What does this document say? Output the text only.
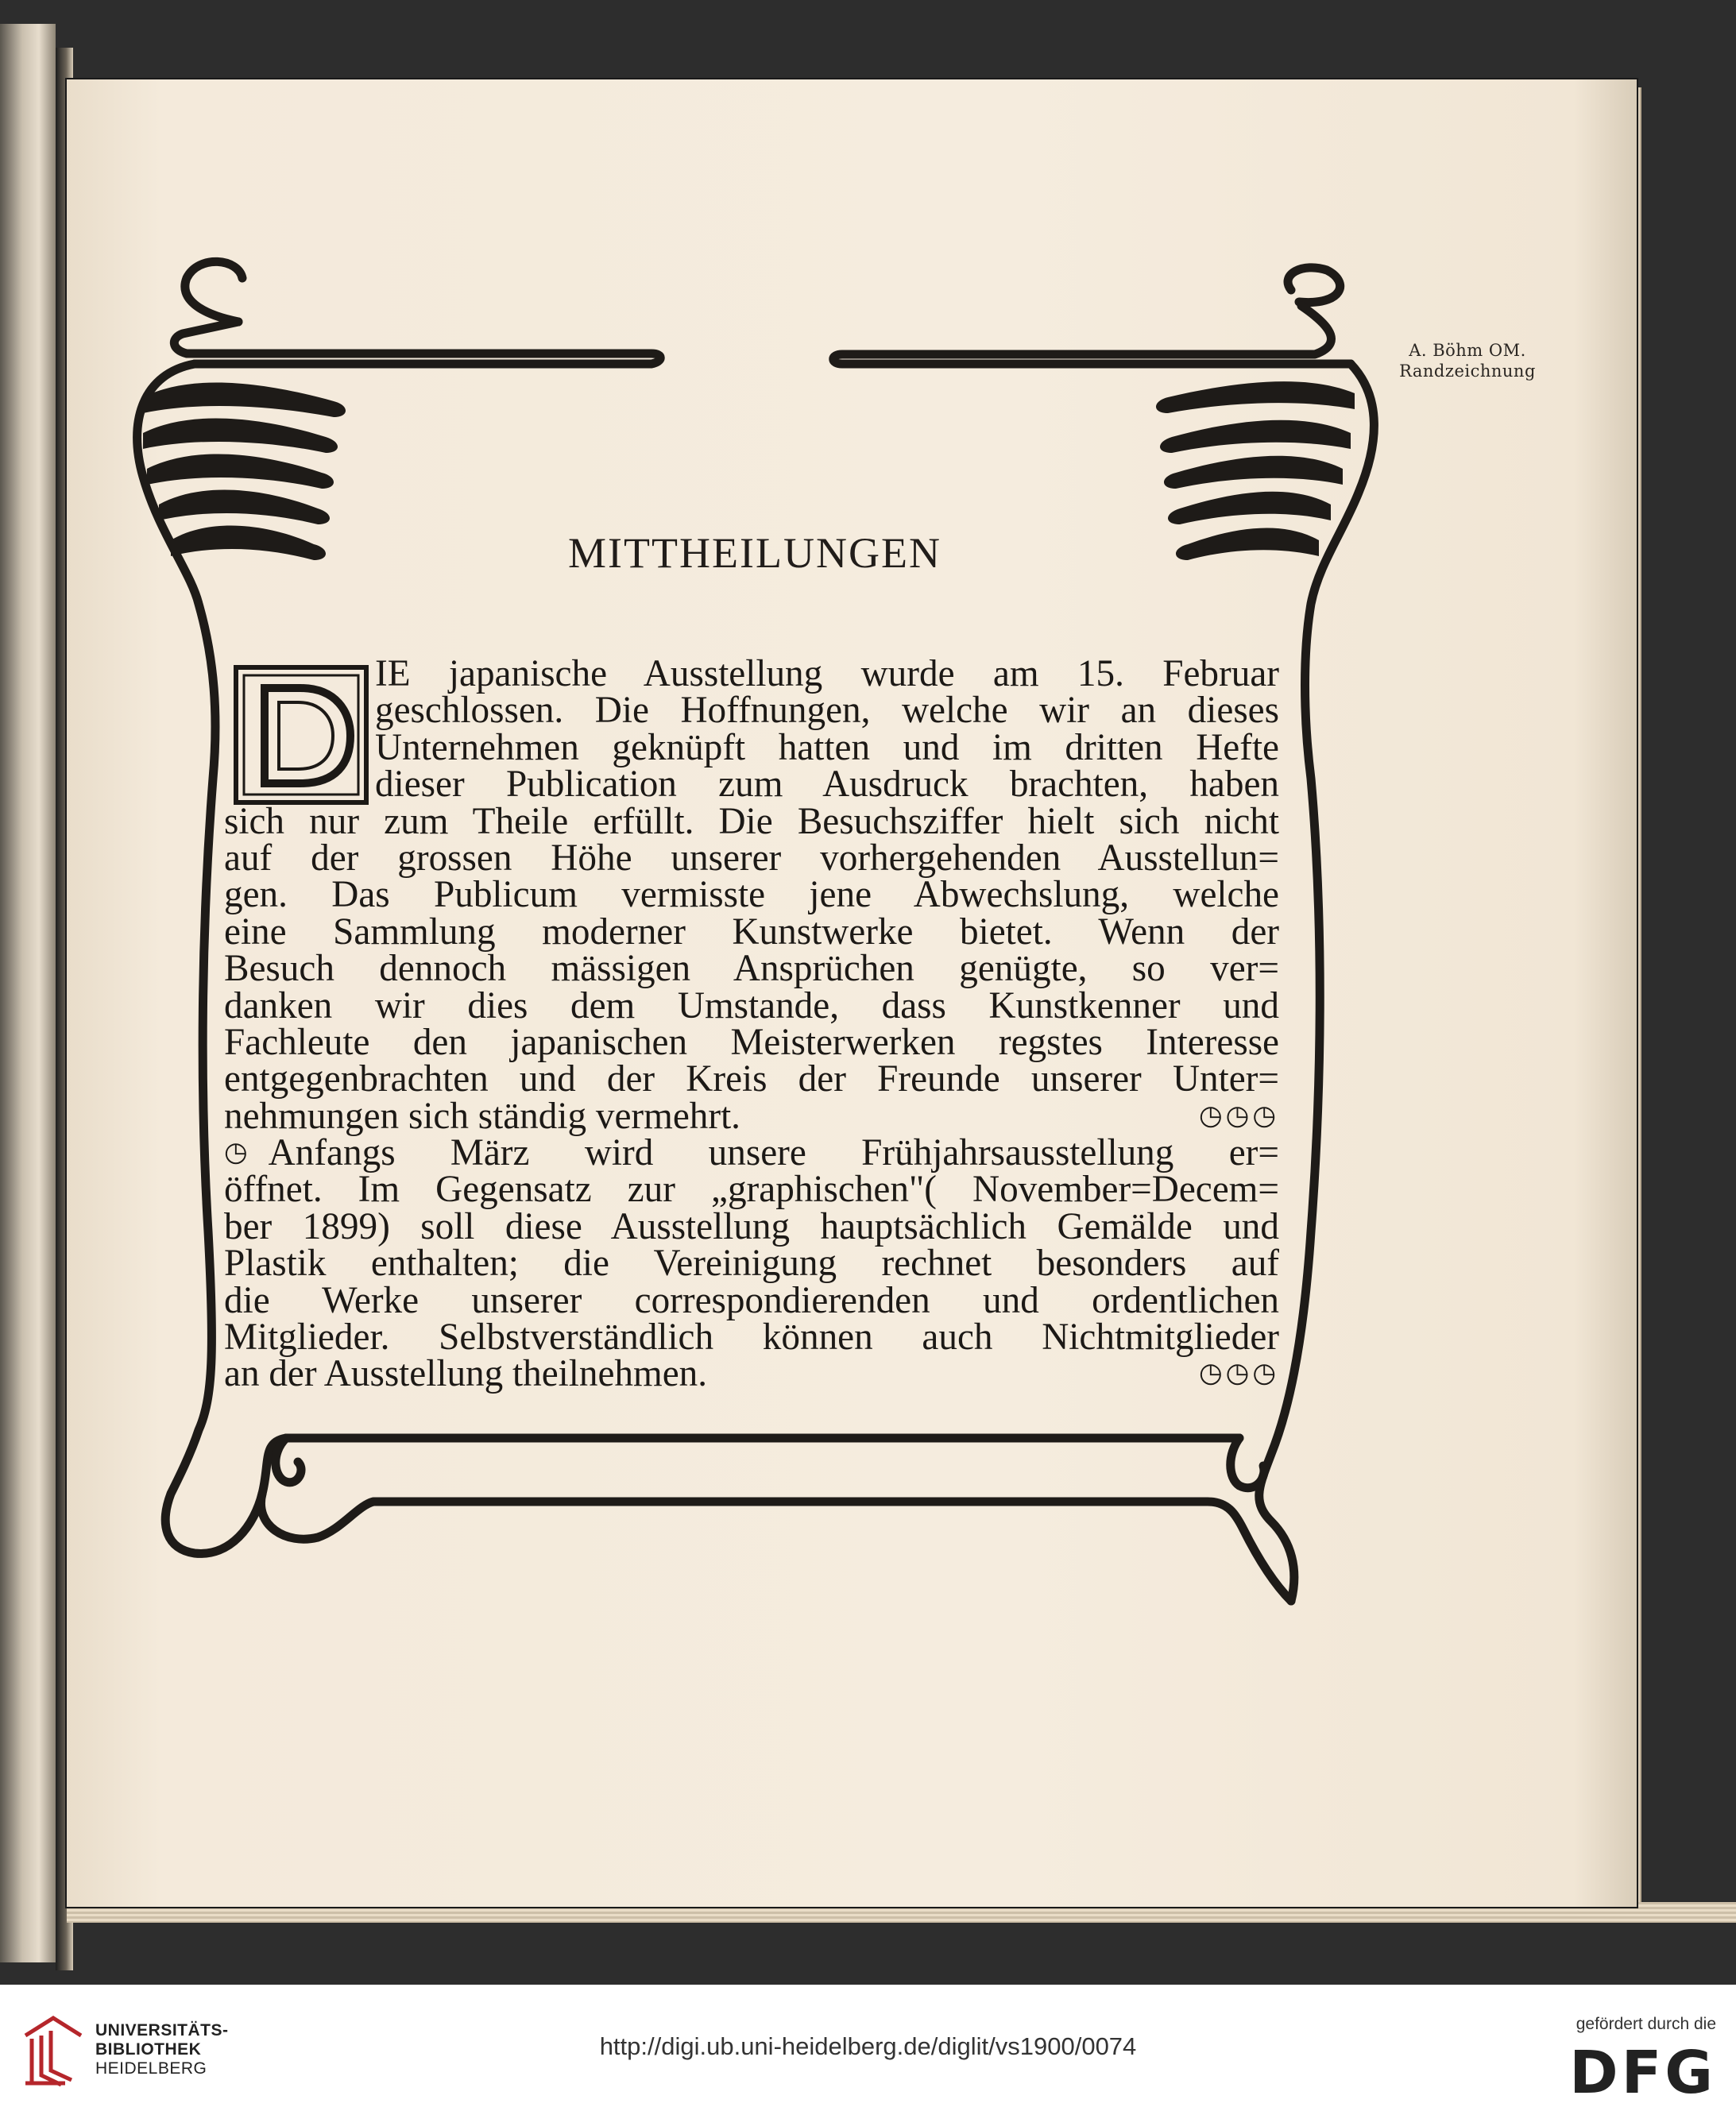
D
A. Böhm OM.
Randzeichnung
MITTHEILUNGEN
IE japanische Ausstellung wurde am 15. Februar
geschlossen. Die Hoffnungen, welche wir an dieses
Unternehmen geknüpft hatten und im dritten Hefte
dieser Publication zum Ausdruck brachten, haben
sich nur zum Theile erfüllt. Die Besuchsziffer hielt sich nicht
auf der grossen Höhe unserer vorhergehenden Ausstellun=
gen. Das Publicum vermisste jene Abwechslung, welche
eine Sammlung moderner Kunstwerke bietet. Wenn der
Besuch dennoch mässigen Ansprüchen genügte, so ver=
danken wir dies dem Umstande, dass Kunstkenner und
Fachleute den japanischen Meisterwerken regstes Interesse
entgegenbrachten und der Kreis der Freunde unserer Unter=
nehmungen sich ständig vermehrt.	◷◷◷
◷ Anfangs März wird unsere Frühjahrsausstellung er=
öffnet. Im Gegensatz zur „graphischen"( November=Decem=
ber 1899) soll diese Ausstellung hauptsächlich Gemälde und
Plastik enthalten; die Vereinigung rechnet besonders auf
die Werke unserer correspondierenden und ordentlichen
Mitglieder. Selbstverständlich können auch Nichtmitglieder
an der Ausstellung theilnehmen.	◷◷◷
UNIVERSITÄTS-
BIBLIOTHEK
HEIDELBERG
http://digi.ub.uni-heidelberg.de/diglit/vs1900/0074
gefördert durch die
DFG
